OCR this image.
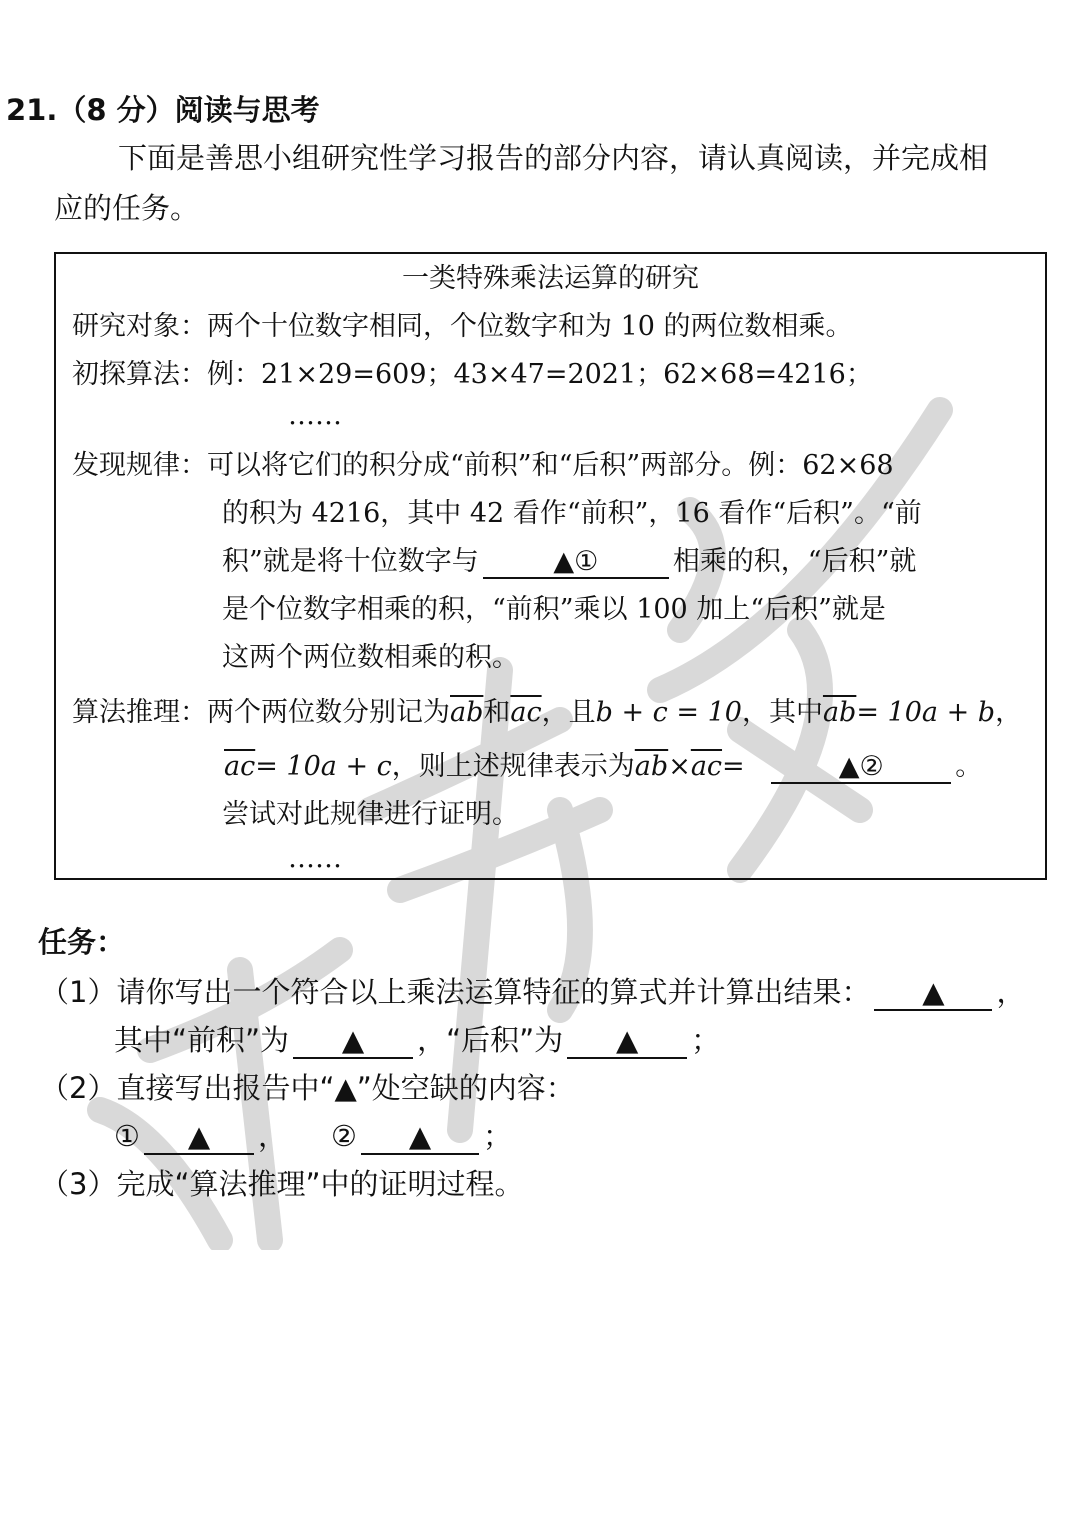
21.（8 分）阅读与思考
下面是善思小组研究性学习报告的部分内容，请认真阅读，并完成相
应的任务。
一类特殊乘法运算的研究
研究对象：两个十位数字相同，个位数字和为 10 的两位数相乘。
初探算法：例：21×29=609；43×47=2021；62×68=4216；
……
发现规律：可以将它们的积分成“前积”和“后积”两部分。例：62×68
的积为 4216，其中 42 看作“前积”，16 看作“后积”。“前
积”就是将十位数字与	▲①	相乘的积，“后积”就
是个位数字相乘的积，“前积”乘以 100 加上“后积”就是
这两个两位数相乘的积。
算法推理：两个两位数分别记为$\overline{ab}$和$\overline{ac}$，且b + c = 10，其中$\overline{ab}= 10a + b$，
$\overline{ac}= 10a + c$，则上述规律表示为$\overline{ab}\times\overline{ac}=$	▲②	。
尝试对此规律进行证明。
……
任务：
（1）请你写出一个符合以上乘法运算特征的算式并计算出结果： ▲ ，
其中“前积”为 ▲ ，“后积”为 ▲ ；
（2）直接写出报告中“▲”处空缺的内容：
① ▲ ， ② ▲ ；
（3）完成“算法推理”中的证明过程。
